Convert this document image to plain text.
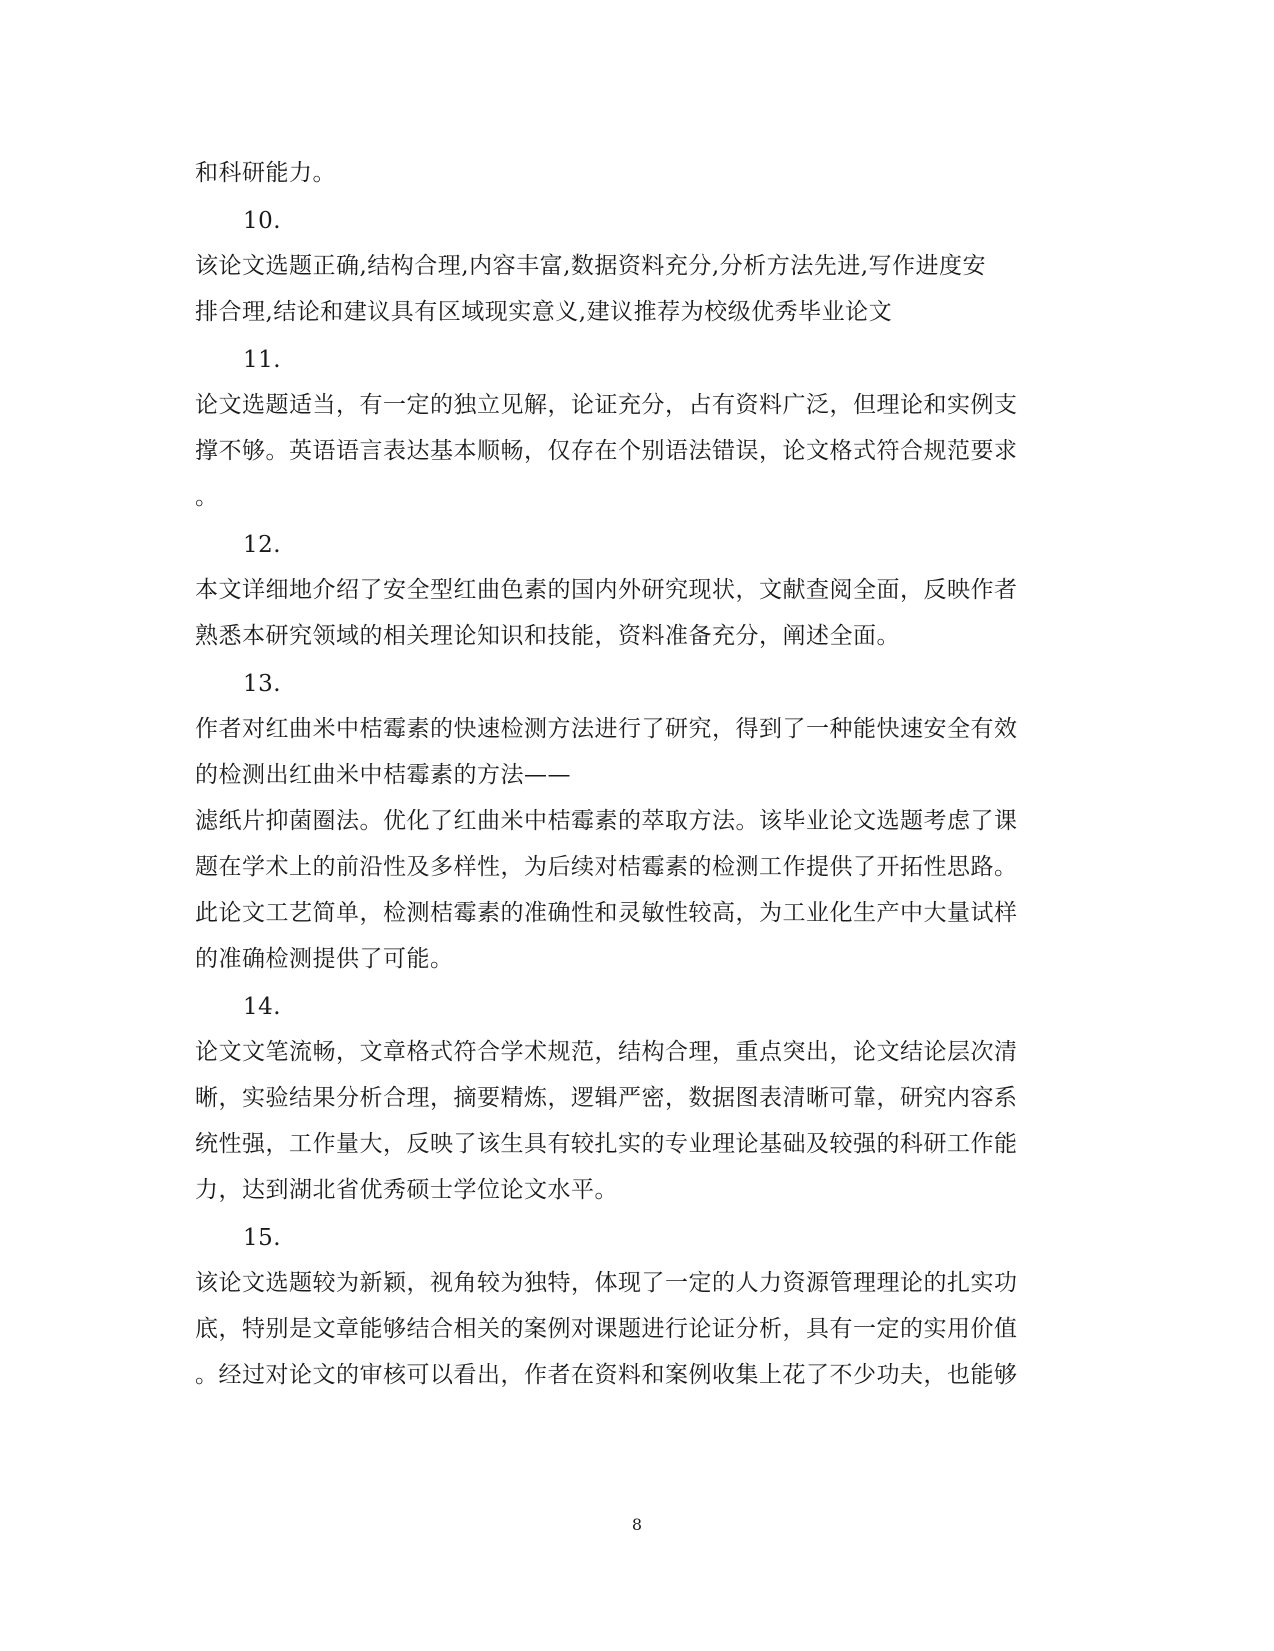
和科研能力。
10.
该论文选题正确,结构合理,内容丰富,数据资料充分,分析方法先进,写作进度安
排合理,结论和建议具有区域现实意义,建议推荐为校级优秀毕业论文
11.
论文选题适当，有一定的独立见解，论证充分，占有资料广泛，但理论和实例支
撑不够。英语语言表达基本顺畅，仅存在个别语法错误，论文格式符合规范要求
。
12.
本文详细地介绍了安全型红曲色素的国内外研究现状，文献查阅全面，反映作者
熟悉本研究领域的相关理论知识和技能，资料准备充分，阐述全面。
13.
作者对红曲米中桔霉素的快速检测方法进行了研究，得到了一种能快速安全有效
的检测出红曲米中桔霉素的方法——
滤纸片抑菌圈法。优化了红曲米中桔霉素的萃取方法。该毕业论文选题考虑了课
题在学术上的前沿性及多样性，为后续对桔霉素的检测工作提供了开拓性思路。
此论文工艺简单，检测桔霉素的准确性和灵敏性较高，为工业化生产中大量试样
的准确检测提供了可能。
14.
论文文笔流畅，文章格式符合学术规范，结构合理，重点突出，论文结论层次清
晰，实验结果分析合理，摘要精炼，逻辑严密，数据图表清晰可靠，研究内容系
统性强，工作量大，反映了该生具有较扎实的专业理论基础及较强的科研工作能
力，达到湖北省优秀硕士学位论文水平。
15.
该论文选题较为新颖，视角较为独特，体现了一定的人力资源管理理论的扎实功
底，特别是文章能够结合相关的案例对课题进行论证分析，具有一定的实用价值
。经过对论文的审核可以看出，作者在资料和案例收集上花了不少功夫，也能够
8
